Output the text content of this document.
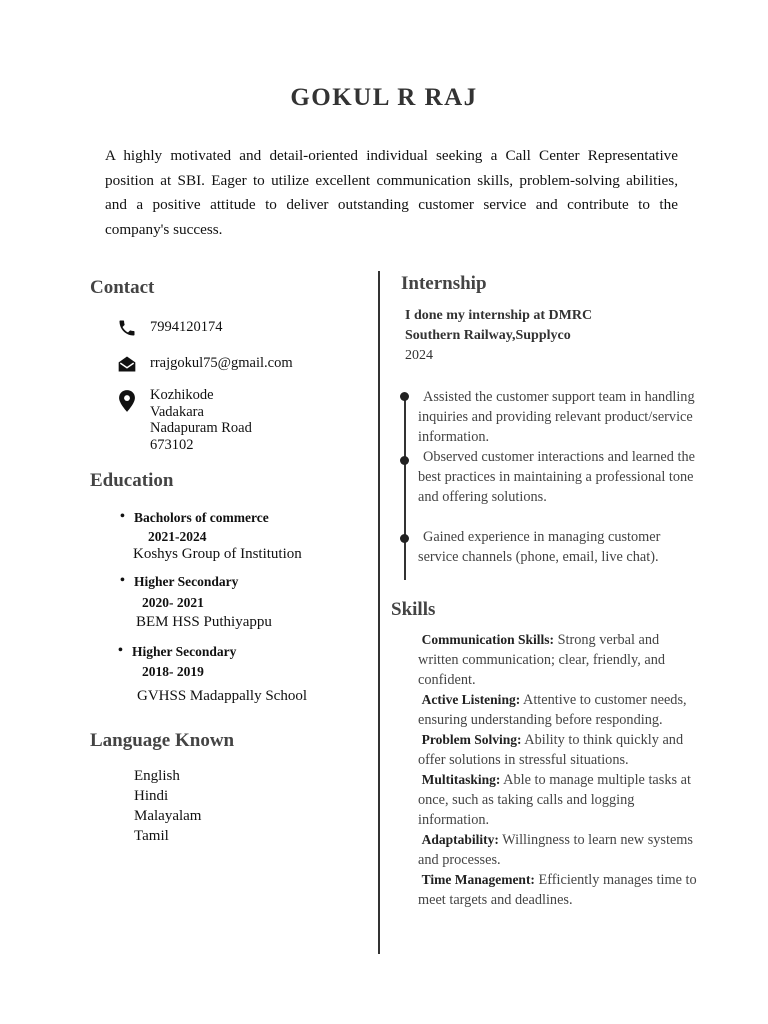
GOKUL R RAJ
A highly motivated and detail-oriented individual seeking a Call Center Representative position at SBI. Eager to utilize excellent communication skills, problem-solving abilities, and a positive attitude to deliver outstanding customer service and contribute to the company's success.
Contact
7994120174
rrajgokul75@gmail.com
Kozhikode
Vadakara
Nadapuram Road
673102
Education
• Bacholors of commerce
2021-2024
Koshys Group of Institution
• Higher Secondary
2020- 2021
BEM HSS Puthiyappu
• Higher Secondary
2018- 2019
GVHSS Madappally School
Language Known
English
Hindi
Malayalam
Tamil
Internship
I done my internship at DMRC
Southern Railway,Supplyco
2024
Assisted the customer support team in handling inquiries and providing relevant product/service information.
Observed customer interactions and learned the best practices in maintaining a professional tone and offering solutions.
Gained experience in managing customer service channels (phone, email, live chat).
Skills
Communication Skills: Strong verbal and written communication; clear, friendly, and confident.
Active Listening: Attentive to customer needs, ensuring understanding before responding.
Problem Solving: Ability to think quickly and offer solutions in stressful situations.
Multitasking: Able to manage multiple tasks at once, such as taking calls and logging information.
Adaptability: Willingness to learn new systems and processes.
Time Management: Efficiently manages time to meet targets and deadlines.
